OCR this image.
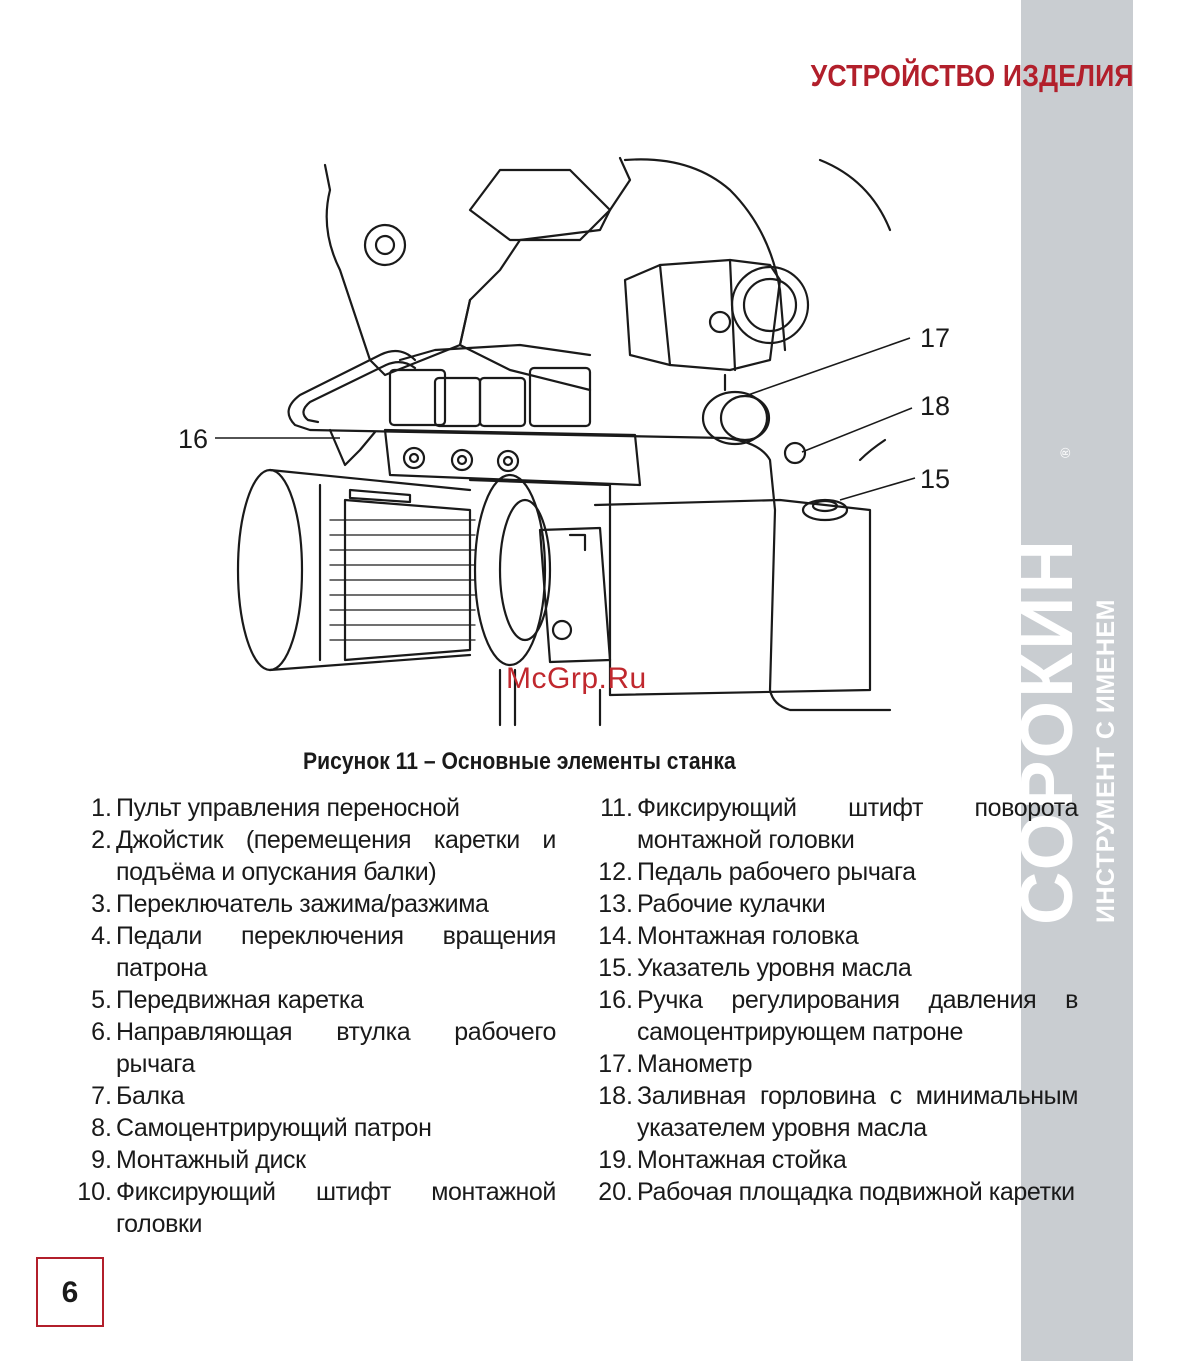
СОРОКИН ИНСТРУМЕНТ С ИМЕНЕМ
®
УСТРОЙСТВО ИЗДЕЛИЯ
17
18
15
16
McGrp.Ru

Рисунок 11 – Основные элементы станка

1. Пульт управления переносной
2. Джойстик (перемещения каретки и подъёма и опускания балки)
3. Переключатель зажима/разжима
4. Педали переключения вращения патрона
5. Передвижная каретка
6. Направляющая втулка рабочего рычага
7. Балка
8. Самоцентрирующий патрон
9. Монтажный диск
10. Фиксирующий штифт монтажной головки
11. Фиксирующий штифт поворота монтажной головки
12. Педаль рабочего рычага
13. Рабочие кулачки
14. Монтажная головка
15. Указатель уровня масла
16. Ручка регулирования давления в самоцентрирующем патроне
17. Манометр
18. Заливная горловина с минимальным указателем уровня масла
19. Монтажная стойка
20. Рабочая площадка подвижной каретки
6
